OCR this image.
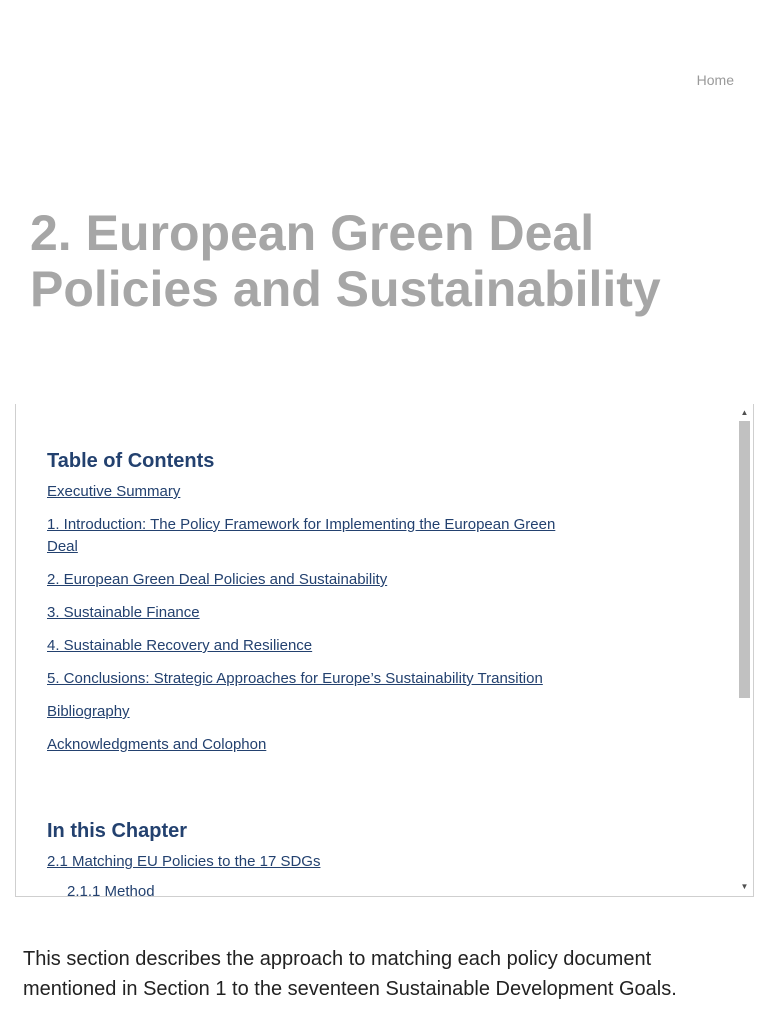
Home
2. European Green Deal Policies and Sustainability
Table of Contents
Executive Summary
1. Introduction: The Policy Framework for Implementing the European Green Deal
2. European Green Deal Policies and Sustainability
3. Sustainable Finance
4. Sustainable Recovery and Resilience
5. Conclusions: Strategic Approaches for Europe’s Sustainability Transition
Bibliography
Acknowledgments and Colophon
In this Chapter
2.1 Matching EU Policies to the 17 SDGs
2.1.1 Method
▲
▼

This section describes the approach to matching each policy document mentioned in Section 1 to the seventeen Sustainable Development Goals.
